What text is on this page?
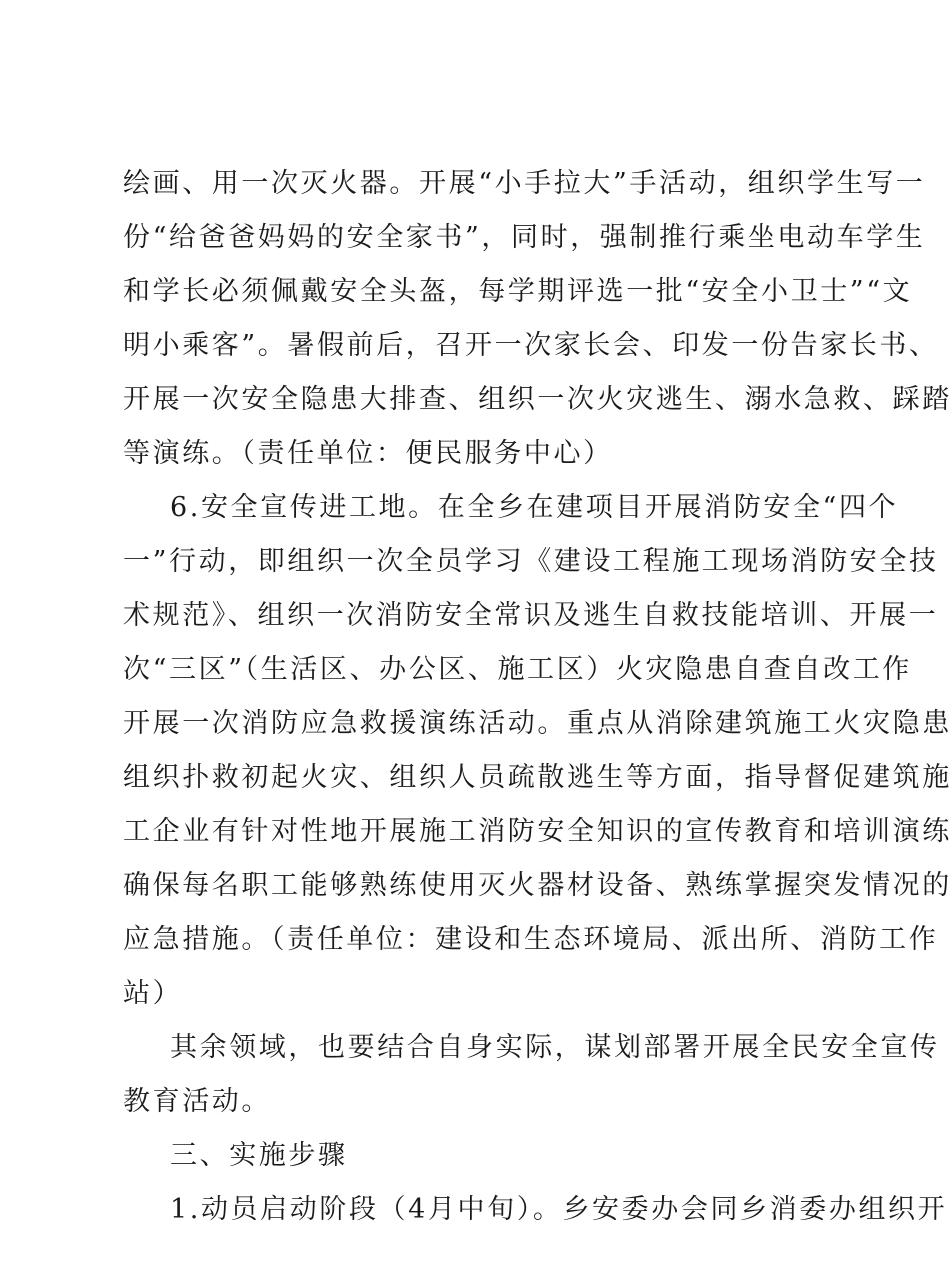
绘画、用一次灭火器。开展“小手拉大”手活动，组织学生写一
份“给爸爸妈妈的安全家书”，同时，强制推行乘坐电动车学生
和学长必须佩戴安全头盔，每学期评选一批“安全小卫士”“文
明小乘客”。暑假前后，召开一次家长会、印发一份告家长书、
开展一次安全隐患大排查、组织一次火灾逃生、溺水急救、踩踏
等演练。（责任单位：便民服务中心）
6.安全宣传进工地。在全乡在建项目开展消防安全“四个
一”行动，即组织一次全员学习《建设工程施工现场消防安全技
术规范》、组织一次消防安全常识及逃生自救技能培训、开展一
次“三区”（生活区、办公区、施工区）火灾隐患自查自改工作
开展一次消防应急救援演练活动。重点从消除建筑施工火灾隐患
组织扑救初起火灾、组织人员疏散逃生等方面，指导督促建筑施
工企业有针对性地开展施工消防安全知识的宣传教育和培训演练
确保每名职工能够熟练使用灭火器材设备、熟练掌握突发情况的
应急措施。（责任单位：建设和生态环境局、派出所、消防工作
站）
其余领域，也要结合自身实际，谋划部署开展全民安全宣传
教育活动。
三、实施步骤
1.动员启动阶段（4月中旬）。乡安委办会同乡消委办组织开
